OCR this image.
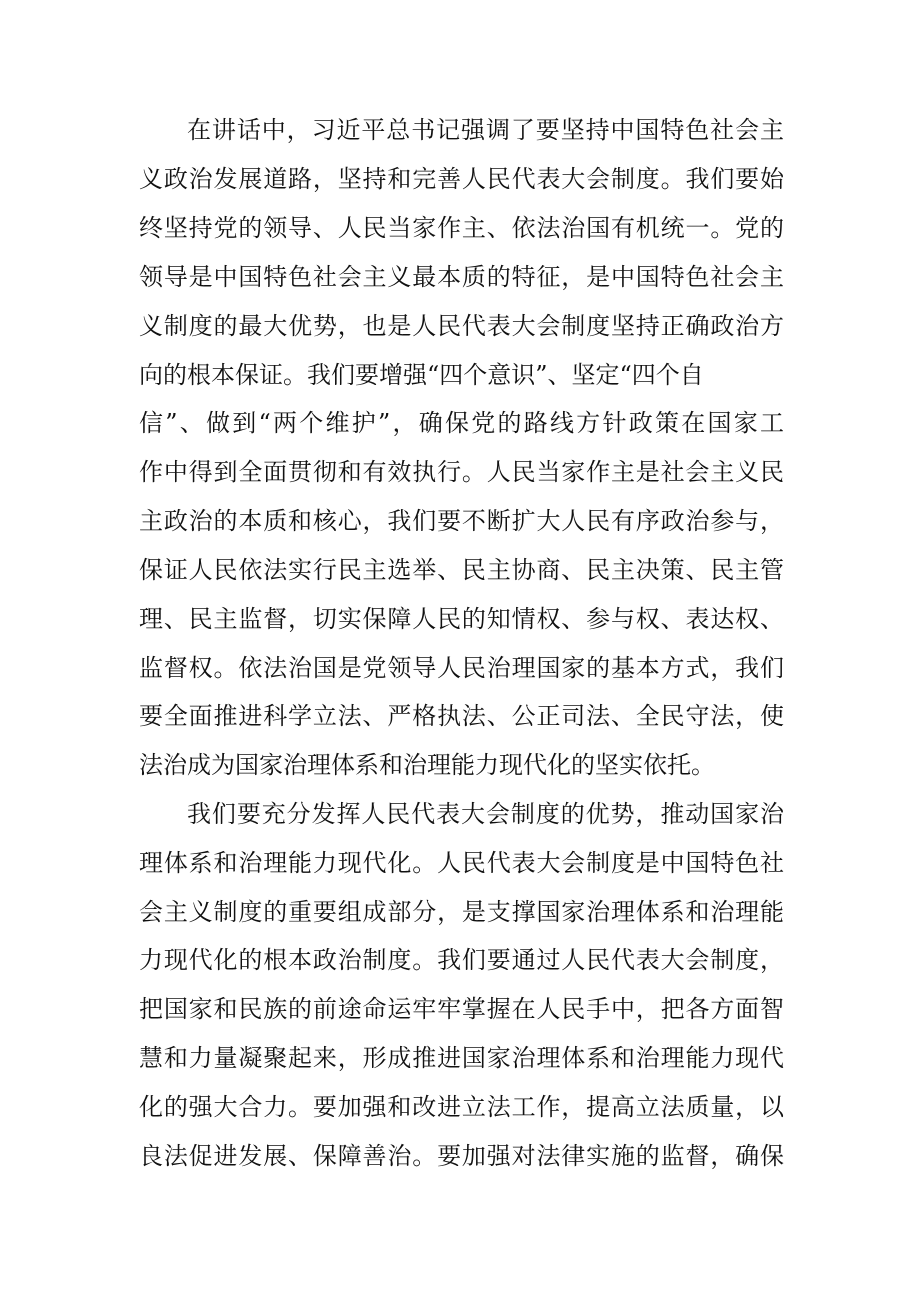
在讲话中，习近平总书记强调了要坚持中国特色社会主
义政治发展道路，坚持和完善人民代表大会制度。我们要始
终坚持党的领导、人民当家作主、依法治国有机统一。党的
领导是中国特色社会主义最本质的特征，是中国特色社会主
义制度的最大优势，也是人民代表大会制度坚持正确政治方
向的根本保证。我们要增强“四个意识”、坚定“四个自
信”、做到“两个维护”，确保党的路线方针政策在国家工
作中得到全面贯彻和有效执行。人民当家作主是社会主义民
主政治的本质和核心，我们要不断扩大人民有序政治参与，
保证人民依法实行民主选举、民主协商、民主决策、民主管
理、民主监督，切实保障人民的知情权、参与权、表达权、
监督权。依法治国是党领导人民治理国家的基本方式，我们
要全面推进科学立法、严格执法、公正司法、全民守法，使
法治成为国家治理体系和治理能力现代化的坚实依托。
我们要充分发挥人民代表大会制度的优势，推动国家治
理体系和治理能力现代化。人民代表大会制度是中国特色社
会主义制度的重要组成部分，是支撑国家治理体系和治理能
力现代化的根本政治制度。我们要通过人民代表大会制度，
把国家和民族的前途命运牢牢掌握在人民手中，把各方面智
慧和力量凝聚起来，形成推进国家治理体系和治理能力现代
化的强大合力。要加强和改进立法工作，提高立法质量，以
良法促进发展、保障善治。要加强对法律实施的监督，确保
